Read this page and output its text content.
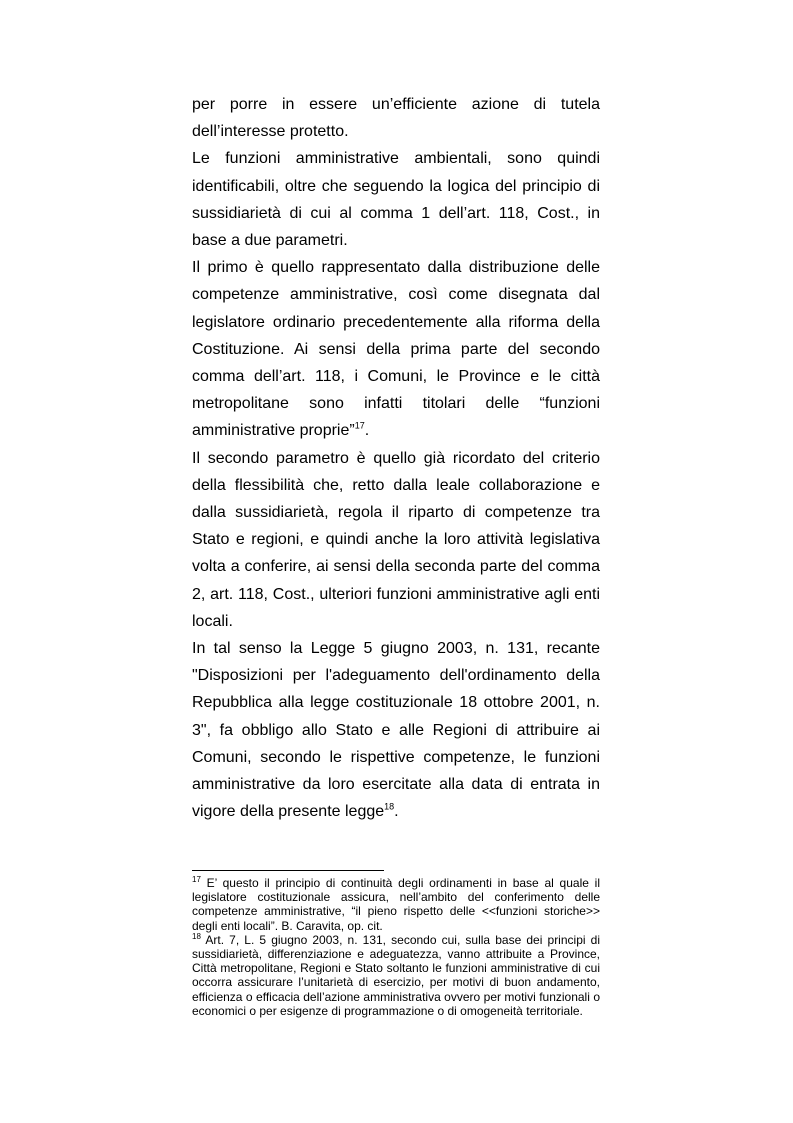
per porre in essere un’efficiente azione di tutela dell’interesse protetto.

Le funzioni amministrative ambientali, sono quindi identificabili, oltre che seguendo la logica del principio di sussidiarietà di cui al comma 1 dell’art. 118, Cost., in base a due parametri.

Il primo è quello rappresentato dalla distribuzione delle competenze amministrative, così come disegnata dal legislatore ordinario precedentemente alla riforma della Costituzione. Ai sensi della prima parte del secondo comma dell’art. 118, i Comuni, le Province e le città metropolitane sono infatti titolari delle “funzioni amministrative proprie”$^{17}$.

Il secondo parametro è quello già ricordato del criterio della flessibilità che, retto dalla leale collaborazione e dalla sussidiarietà, regola il riparto di competenze tra Stato e regioni, e quindi anche la loro attività legislativa volta a conferire, ai sensi della seconda parte del comma 2, art. 118, Cost., ulteriori funzioni amministrative agli enti locali.

In tal senso la Legge 5 giugno 2003, n. 131, recante "Disposizioni per l'adeguamento dell'ordinamento della Repubblica alla legge costituzionale 18 ottobre 2001, n. 3", fa obbligo allo Stato e alle Regioni di attribuire ai Comuni, secondo le rispettive competenze, le funzioni amministrative da loro esercitate alla data di entrata in vigore della presente legge$^{18}$.

$^{17}$ E’ questo il principio di continuità degli ordinamenti in base al quale il legislatore costituzionale assicura, nell’ambito del conferimento delle competenze amministrative, “il pieno rispetto delle <<funzioni storiche>> degli enti locali”. B. Caravita, op. cit.

$^{18}$ Art. 7, L. 5 giugno 2003, n. 131, secondo cui, sulla base dei principi di sussidiarietà, differenziazione e adeguatezza, vanno attribuite a Province, Città metropolitane, Regioni e Stato soltanto le funzioni amministrative di cui occorra assicurare l’unitarietà di esercizio, per motivi di buon andamento, efficienza o efficacia dell’azione amministrativa ovvero per motivi funzionali o economici o per esigenze di programmazione o di omogeneità territoriale.
